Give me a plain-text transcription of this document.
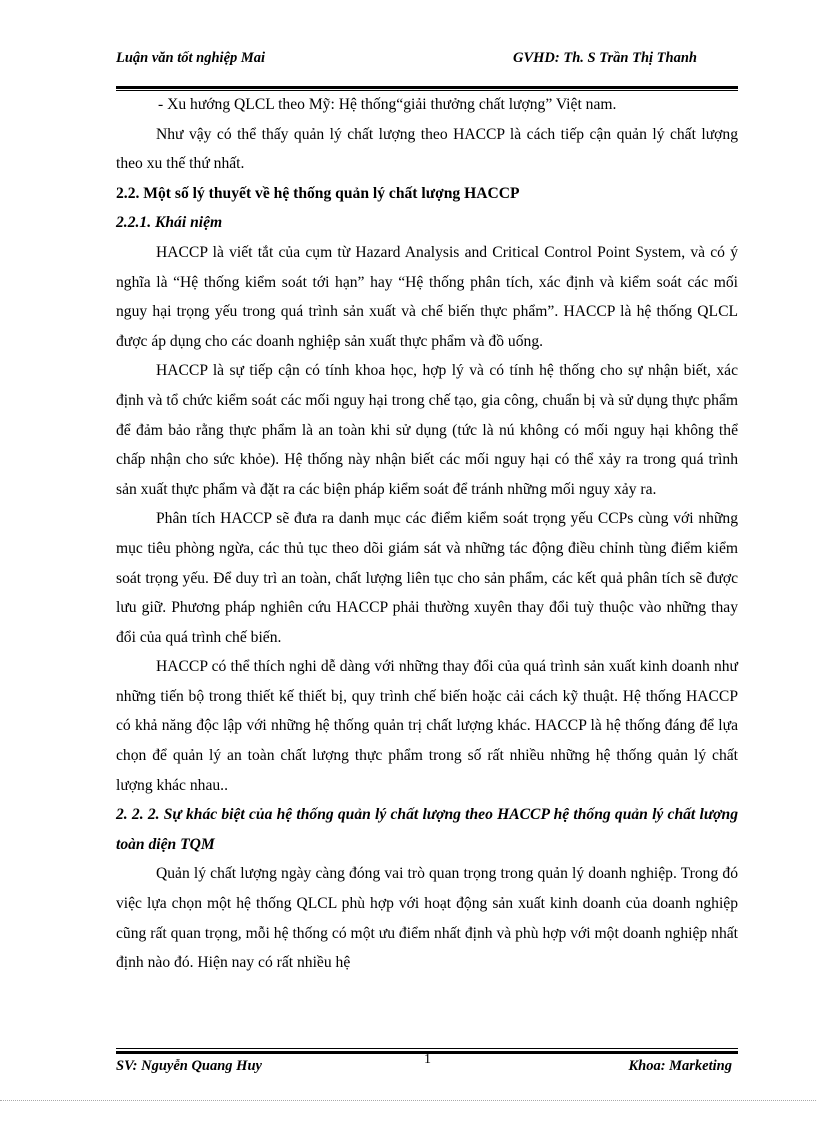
Luận văn tốt nghiệp Mai	GVHD: Th. S Trần Thị Thanh

- Xu hướng QLCL theo Mỹ: Hệ thống“giải thưởng chất lượng” Việt nam.

Như vậy có thể thấy quản lý chất lượng theo HACCP là cách tiếp cận quản lý chất lượng theo xu thế thứ nhất.

2.2. Một số lý thuyết về hệ thống quản lý chất lượng HACCP

2.2.1. Khái niệm

HACCP là viết tắt của cụm từ Hazard Analysis and Critical Control Point System, và có ý nghĩa là “Hệ thống kiểm soát tới hạn” hay “Hệ thống phân tích, xác định và kiểm soát các mối nguy hại trọng yếu trong quá trình sản xuất và chế biến thực phẩm”. HACCP là hệ thống QLCL được áp dụng cho các doanh nghiệp sản xuất thực phẩm và đồ uống.

HACCP là sự tiếp cận có tính khoa học, hợp lý và có tính hệ thống cho sự nhận biết, xác định và tổ chức kiểm soát các mối nguy hại trong chế tạo, gia công, chuẩn bị và sử dụng thực phẩm để đảm bảo rằng thực phẩm là an toàn khi sử dụng (tức là nú không có mối nguy hại không thể chấp nhận cho sức khỏe). Hệ thống này nhận biết các mối nguy hại có thể xảy ra trong quá trình sản xuất thực phẩm và đặt ra các biện pháp kiểm soát để tránh những mối nguy xảy ra.

Phân tích HACCP sẽ đưa ra danh mục các điểm kiểm soát trọng yếu CCPs cùng với những mục tiêu phòng ngừa, các thủ tục theo dõi giám sát và những tác động điều chỉnh tùng điểm kiểm soát trọng yếu. Để duy trì an toàn, chất lượng liên tục cho sản phẩm, các kết quả phân tích sẽ được lưu giữ. Phương pháp nghiên cứu HACCP phải thường xuyên thay đổi tuỳ thuộc vào những thay đổi của quá trình chế biến.

HACCP có thể thích nghi dễ dàng với những thay đổi của quá trình sản xuất kinh doanh như những tiến bộ trong thiết kế thiết bị, quy trình chế biến hoặc cải cách kỹ thuật. Hệ thống HACCP có khả năng độc lập với những hệ thống quản trị chất lượng khác. HACCP là hệ thống đáng để lựa chọn để quản lý an toàn chất lượng thực phẩm trong số rất nhiều những hệ thống quản lý chất lượng khác nhau..

2. 2. 2. Sự khác biệt của hệ thống quản lý chất lượng theo HACCP hệ thống quản lý chất lượng toàn diện TQM

Quản lý chất lượng ngày càng đóng vai trò quan trọng trong quản lý doanh nghiệp. Trong đó việc lựa chọn một hệ thống QLCL phù hợp với hoạt động sản xuất kinh doanh của doanh nghiệp cũng rất quan trọng, mỗi hệ thống có một ưu điểm nhất định và phù hợp với một doanh nghiệp nhất định nào đó. Hiện nay có rất nhiều hệ

1
SV: Nguyễn Quang Huy	Khoa: Marketing
